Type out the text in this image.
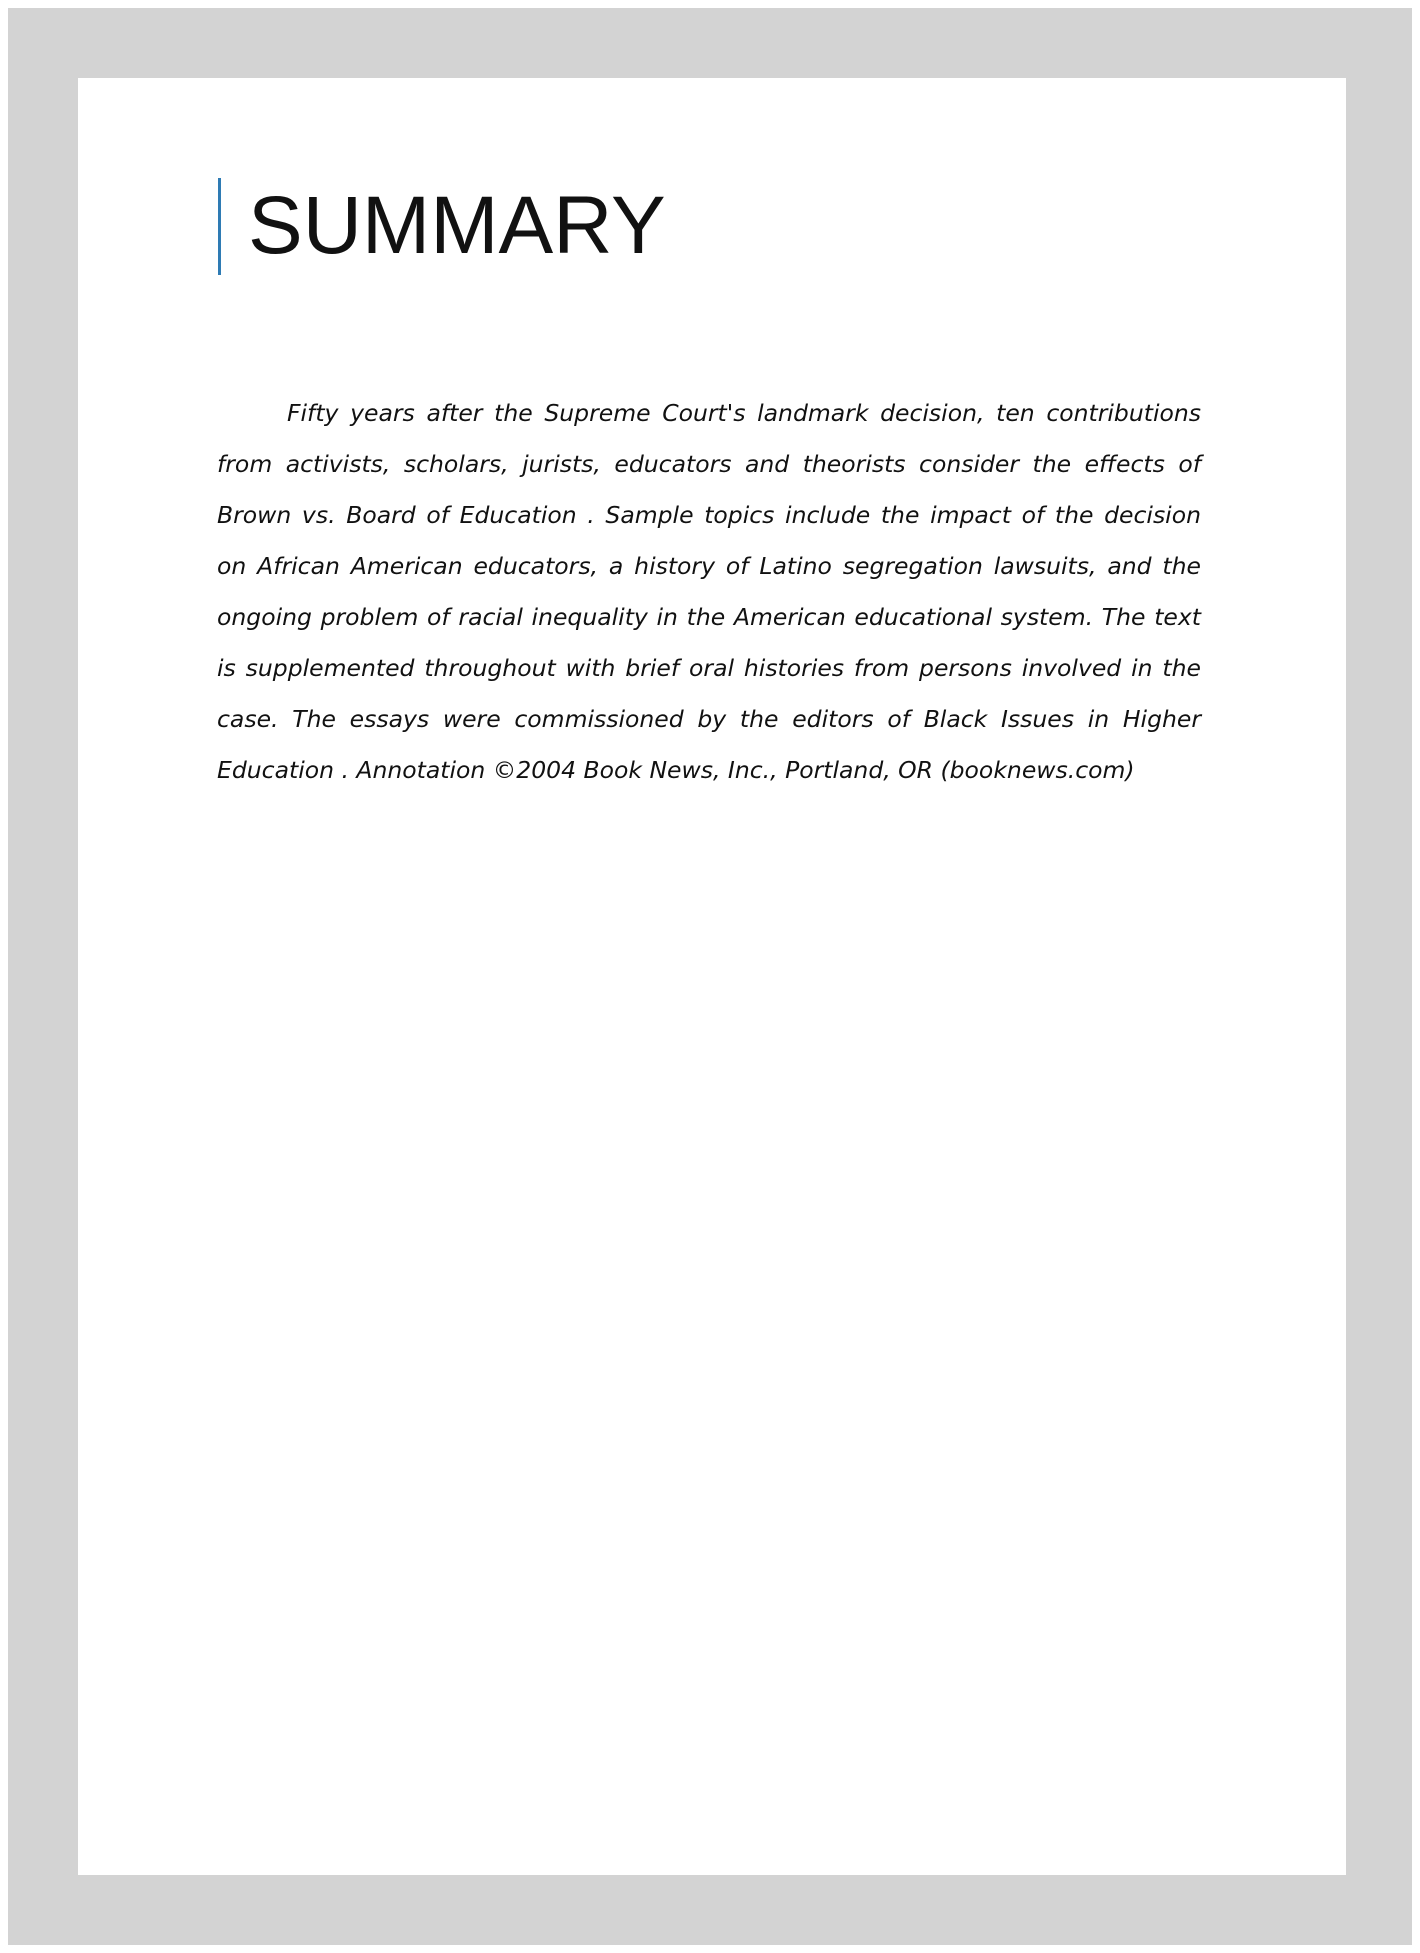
SUMMARY
Fifty years after the Supreme Court's landmark decision, ten contributions
from activists, scholars, jurists, educators and theorists consider the effects of
Brown vs. Board of Education . Sample topics include the impact of the decision
on African American educators, a history of Latino segregation lawsuits, and the
ongoing problem of racial inequality in the American educational system. The text
is supplemented throughout with brief oral histories from persons involved in the
case. The essays were commissioned by the editors of Black Issues in Higher
Education . Annotation ©2004 Book News, Inc., Portland, OR (booknews.com)
